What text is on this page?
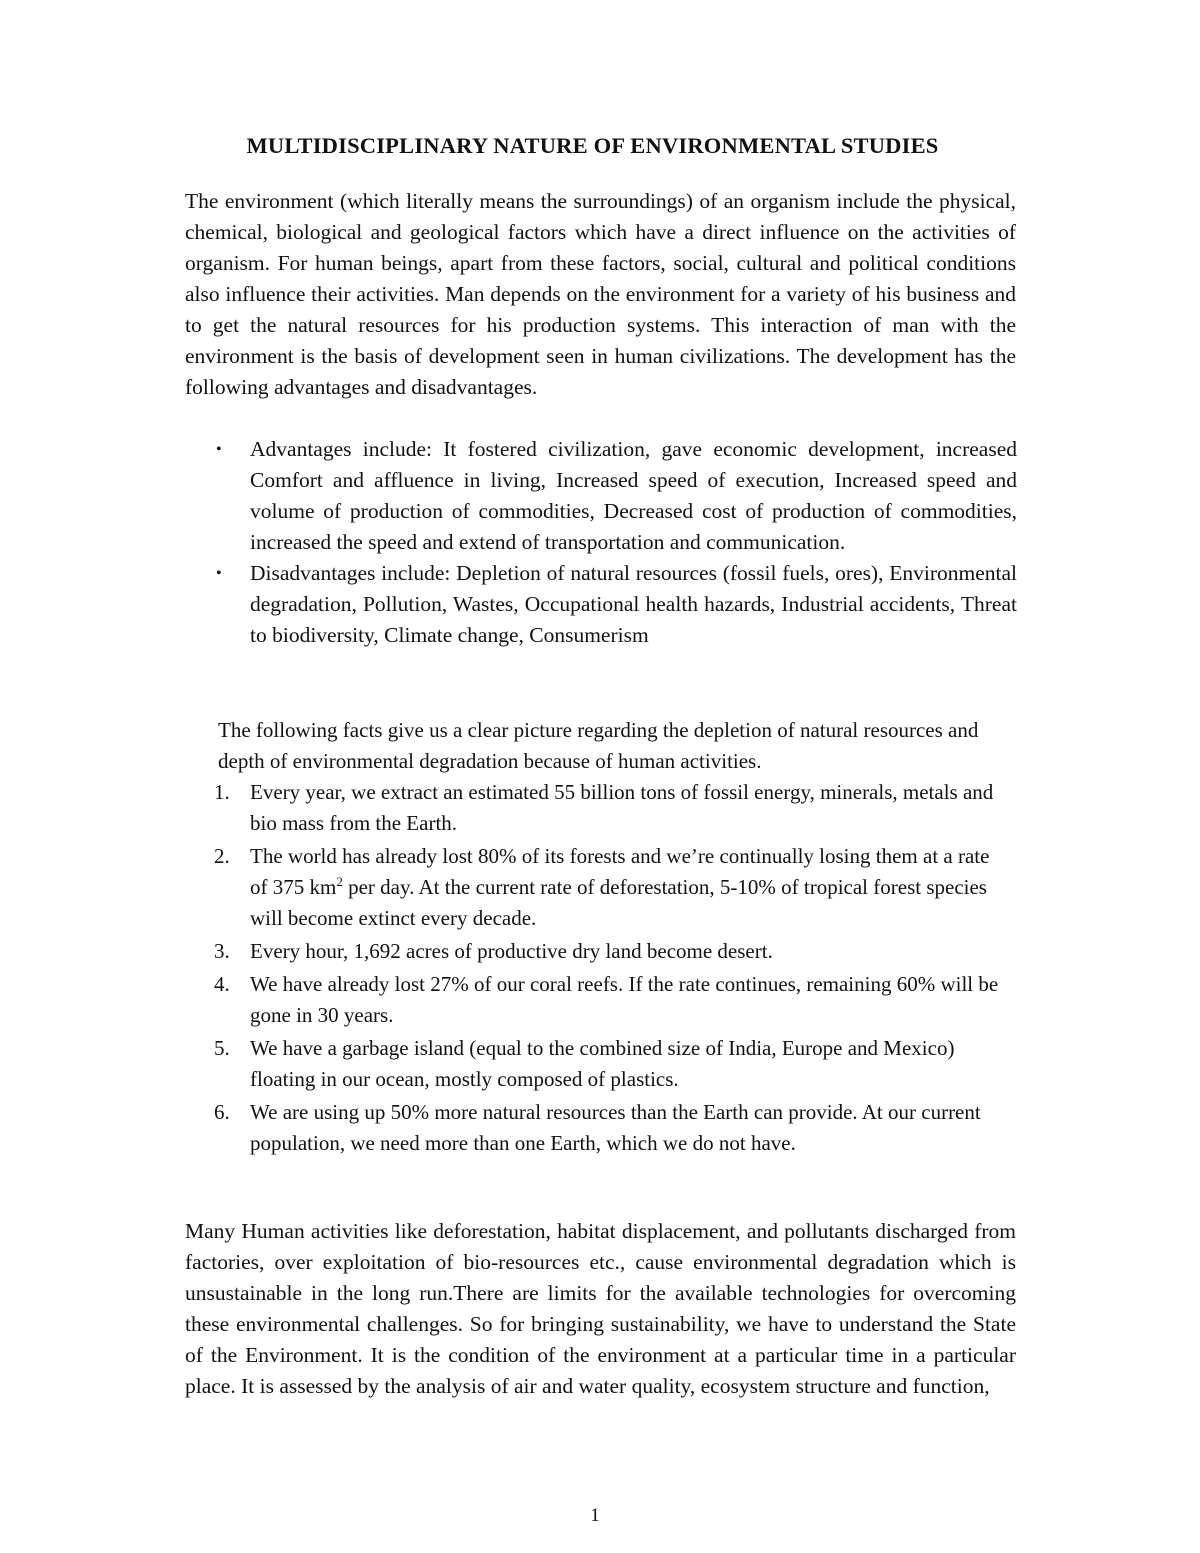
MULTIDISCIPLINARY NATURE OF ENVIRONMENTAL STUDIES

The environment (which literally means the surroundings) of an organism include the physical, chemical, biological and geological factors which have a direct influence on the activities of organism. For human beings, apart from these factors, social, cultural and political conditions also influence their activities. Man depends on the environment for a variety of his business and to get the natural resources for his production systems. This interaction of man with the environment is the basis of development seen in human civilizations. The development has the following advantages and disadvantages.

• Advantages include: It fostered civilization, gave economic development, increased Comfort and affluence in living, Increased speed of execution, Increased speed and volume of production of commodities, Decreased cost of production of commodities, increased the speed and extend of transportation and communication.
• Disadvantages include: Depletion of natural resources (fossil fuels, ores), Environmental degradation, Pollution, Wastes, Occupational health hazards, Industrial accidents, Threat to biodiversity, Climate change, Consumerism

The following facts give us a clear picture regarding the depletion of natural resources and depth of environmental degradation because of human activities.

1. Every year, we extract an estimated 55 billion tons of fossil energy, minerals, metals and bio mass from the Earth.
2. The world has already lost 80% of its forests and we’re continually losing them at a rate of 375 $km^2$ per day. At the current rate of deforestation, 5-10% of tropical forest species will become extinct every decade.
3. Every hour, 1,692 acres of productive dry land become desert.
4. We have already lost 27% of our coral reefs. If the rate continues, remaining 60% will be gone in 30 years.
5. We have a garbage island (equal to the combined size of India, Europe and Mexico) floating in our ocean, mostly composed of plastics.
6. We are using up 50% more natural resources than the Earth can provide. At our current population, we need more than one Earth, which we do not have.

Many Human activities like deforestation, habitat displacement, and pollutants discharged from factories, over exploitation of bio-resources etc., cause environmental degradation which is unsustainable in the long run.There are limits for the available technologies for overcoming these environmental challenges. So for bringing sustainability, we have to understand the State of the Environment. It is the condition of the environment at a particular time in a particular place. It is assessed by the analysis of air and water quality, ecosystem structure and function,

1
